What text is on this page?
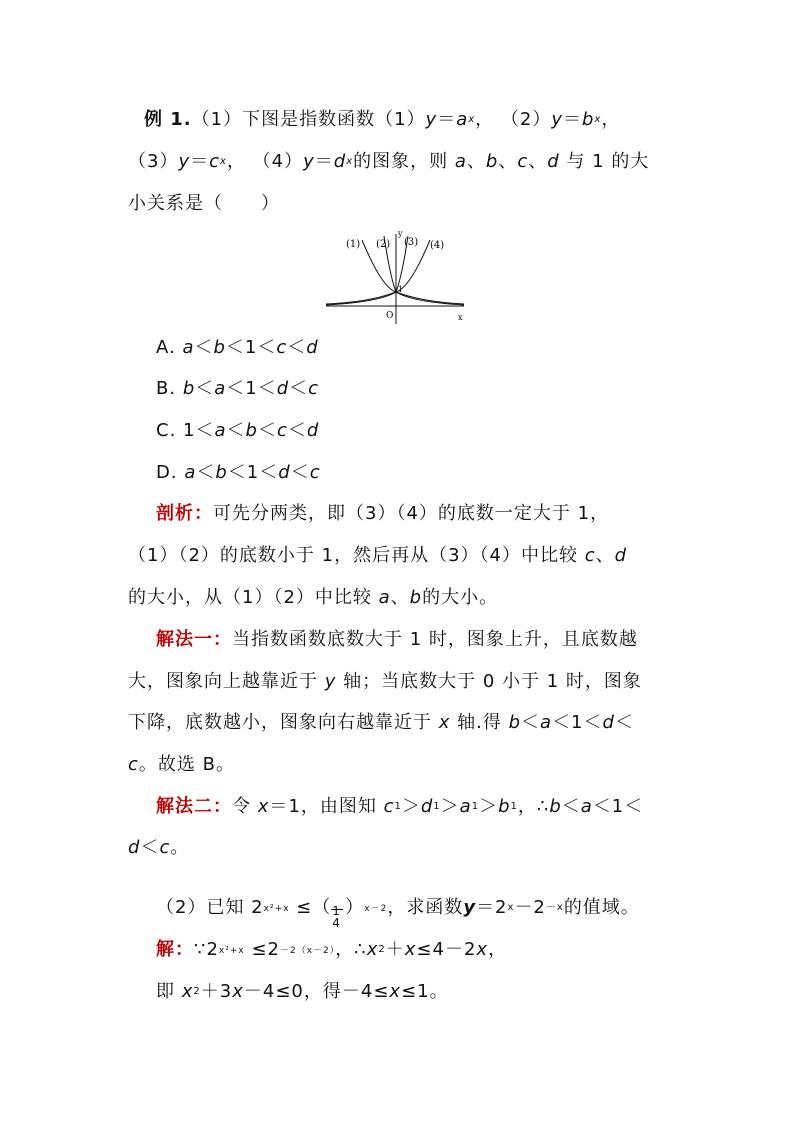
例 1.（1）下图是指数函数$(1)y=a^x$， $(2)y=b^x$，
$(3)y=c^x$， $(4)y=d^x$的图象，则 a、b、c、d 与 1 的大
小关系是（　　）
(1) (2) (3) (4)
y
x
O
1
A. a＜b＜1＜c＜d
B. b＜a＜1＜d＜c
C. 1＜a＜b＜c＜d
D. a＜b＜1＜d＜c
剖析：可先分两类，即（3）（4）的底数一定大于 1，
（1）（2）的底数小于 1，然后再从（3）（4）中比较 c、d
的大小，从（1）（2）中比较 a、b的大小。
解法一：当指数函数底数大于 1 时，图象上升，且底数越
大，图象向上越靠近于 y 轴；当底数大于 0 小于 1 时，图象
下降，底数越小，图象向右越靠近于 x 轴.得 b＜a＜1＜d＜
c。故选 B。
解法二：令 x＝1，由图知 $c^1>d^1>a^1>b^1$，∴b＜a＜1＜
d＜c。
（2）已知 2x²+x ≤（ 1
4
）x－2，求函数$y=2^x-2^{-x}$的值域。
解：∵2x²+x ≤2－2（x－2），$\therefore x^2+x\le 4-2x$，
即 $x^2+3x-4\le 0$，得－4≤x≤1。
